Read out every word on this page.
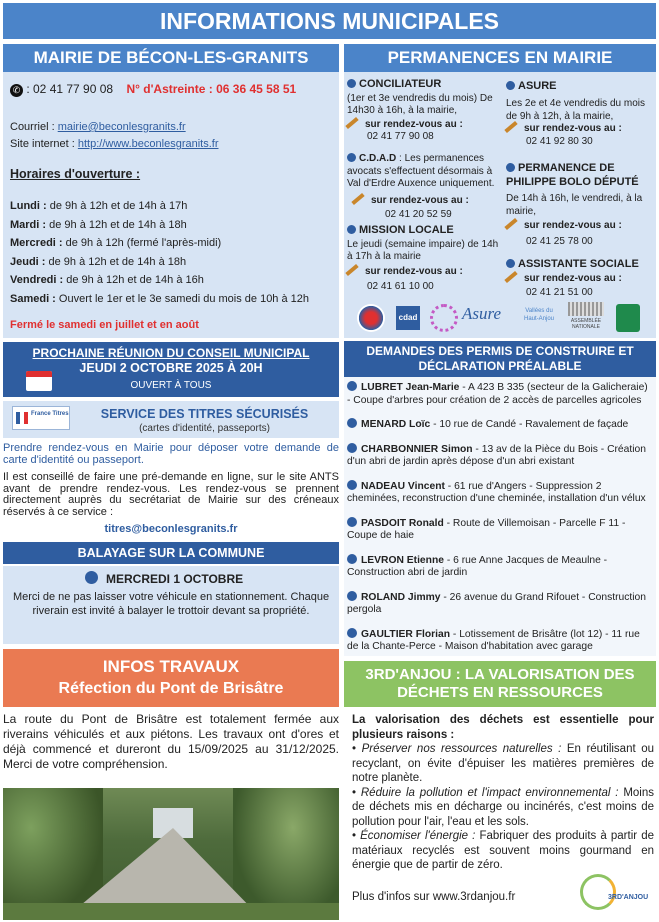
INFORMATIONS MUNICIPALES
MAIRIE DE BÉCON-LES-GRANITS
✆ : 02 41 77 90 08 N° d'Astreinte : 06 36 45 58 51
Courriel : mairie@beconlesgranits.fr
Site internet : http://www.beconlesgranits.fr
Horaires d'ouverture :
Lundi : de 9h à 12h et de 14h à 17h
Mardi : de 9h à 12h et de 14h à 18h
Mercredi : de 9h à 12h (fermé l'après-midi)
Jeudi : de 9h à 12h et de 14h à 18h
Vendredi : de 9h à 12h et de 14h à 16h
Samedi : Ouvert le 1er et le 3e samedi du mois de 10h à 12h
Fermé le samedi en juillet et en août
PROCHAINE RÉUNION DU CONSEIL MUNICIPAL
JEUDI 2 OCTOBRE 2025 À 20H
OUVERT À TOUS
France Titres	SERVICE DES TITRES SÉCURISÉS
(cartes d'identité, passeports)
Prendre rendez-vous en Mairie pour déposer votre demande de carte d'identité ou passeport.
Il est conseillé de faire une pré-demande en ligne, sur le site ANTS avant de prendre rendez-vous. Les rendez-vous se prennent directement auprès du secrétariat de Mairie sur des créneaux réservés à ce service :
titres@beconlesgranits.fr
BALAYAGE SUR LA COMMUNE
MERCREDI 1 OCTOBRE
Merci de ne pas laisser votre véhicule en stationnement. Chaque riverain est invité à balayer le trottoir devant sa propriété.
INFOS TRAVAUX
Réfection du Pont de Brisâtre
La route du Pont de Brisâtre est totalement fermée aux riverains véhiculés et aux piétons. Les travaux ont d'ores et déjà commencé et dureront du 15/09/2025 au 31/12/2025. Merci de votre compréhension.
PERMANENCES EN MAIRIE
CONCILIATEUR
(1er et 3e vendredis du mois) De 14h30 à 16h, à la mairie,
sur rendez-vous au :
02 41 77 90 08
C.D.A.D : Les permanences avocats s'effectuent désormais à Val d'Erdre Auxence uniquement.
sur rendez-vous au :
02 41 20 52 59
MISSION LOCALE
Le jeudi (semaine impaire) de 14h à 17h à la mairie
sur rendez-vous au :
02 41 61 10 00
ASURE
Les 2e et 4e vendredis du mois de 9h à 12h, à la mairie,
sur rendez-vous au :
02 41 92 80 30
PERMANENCE DE PHILIPPE BOLO DÉPUTÉ
De 14h à 16h, le vendredi, à la mairie,
sur rendez-vous au :
02 41 25 78 00
ASSISTANTE SOCIALE
sur rendez-vous au :
02 41 21 51 00
cdad	Asure	Vallées du
Haut-Anjou	ASSEMBLÉE
NATIONALE
DEMANDES DES PERMIS DE CONSTRUIRE ET DÉCLARATION PRÉALABLE
LUBRET Jean-Marie - A 423 B 335 (secteur de la Galicheraie) - Coupe d'arbres pour création de 2 accès de parcelles agricoles
MENARD Loïc - 10 rue de Candé - Ravalement de façade
CHARBONNIER Simon - 13 av de la Pièce du Bois - Création d'un abri de jardin après dépose d'un abri existant
NADEAU Vincent - 61 rue d'Angers - Suppression 2 cheminées, reconstruction d'une cheminée, installation d'un vélux
PASDOIT Ronald - Route de Villemoisan - Parcelle F 11 - Coupe de haie
LEVRON Etienne - 6 rue Anne Jacques de Meaulne - Construction abri de jardin
ROLAND Jimmy - 26 avenue du Grand Rifouet - Construction pergola
GAULTIER Florian - Lotissement de Brisâtre (lot 12) - 11 rue de la Chante-Perce - Maison d'habitation avec garage
3RD'ANJOU : LA VALORISATION DES DÉCHETS EN RESSOURCES
La valorisation des déchets est essentielle pour plusieurs raisons :
• Préserver nos ressources naturelles : En réutilisant ou recyclant, on évite d'épuiser les matières premières de notre planète.
• Réduire la pollution et l'impact environnemental : Moins de déchets mis en décharge ou incinérés, c'est moins de pollution pour l'air, l'eau et les sols.
• Économiser l'énergie : Fabriquer des produits à partir de matériaux recyclés est souvent moins gourmand en énergie que de partir de zéro.
Plus d'infos sur www.3rdanjou.fr	3RD'ANJOU
